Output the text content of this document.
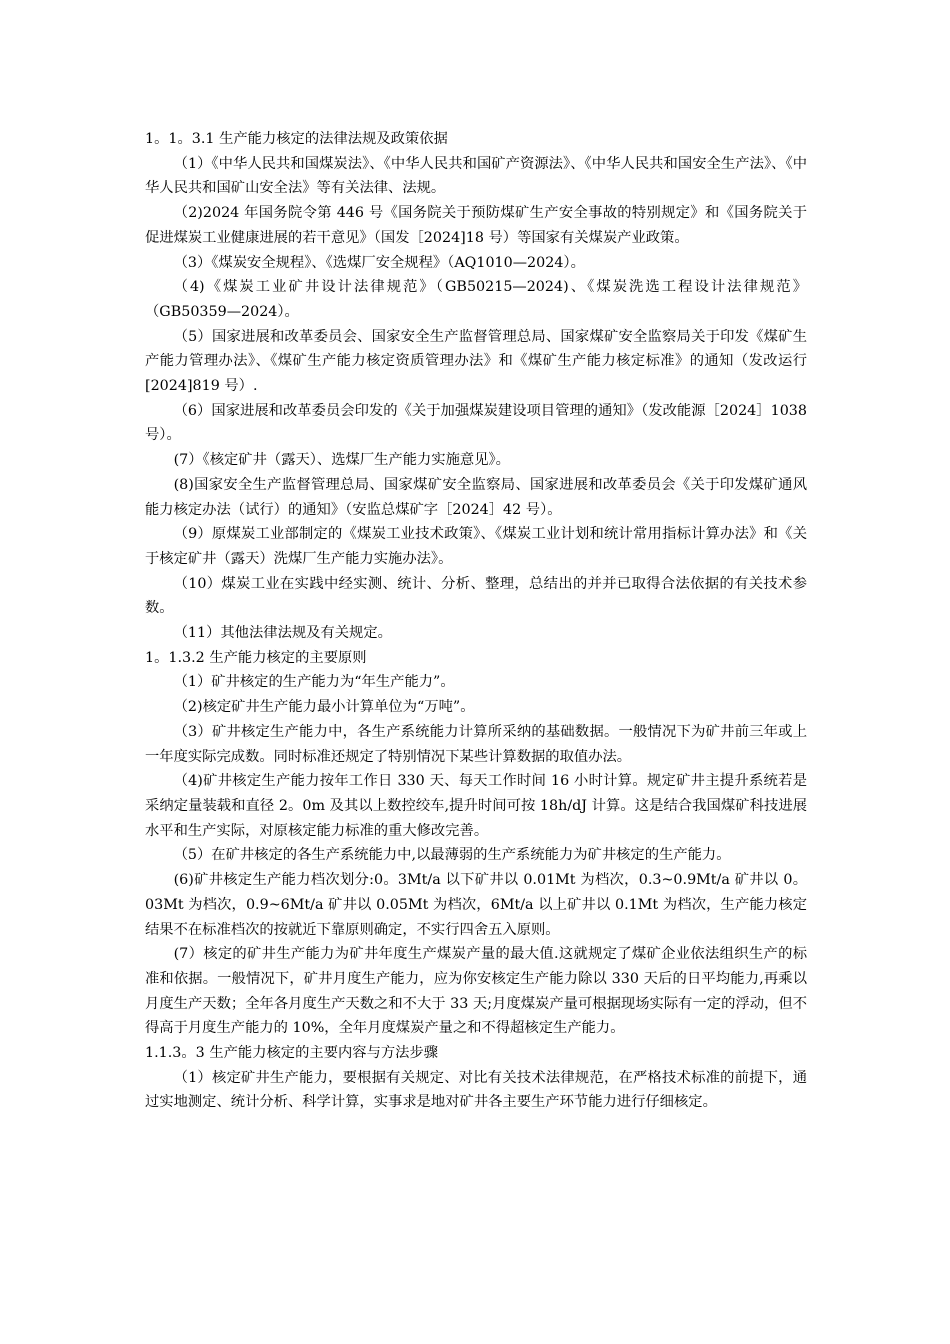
1。1。3.1 生产能力核定的法律法规及政策依据

（1）《中华人民共和国煤炭法》、《中华人民共和国矿产资源法》、《中华人民共和国安全生产法》、《中华人民共和国矿山安全法》等有关法律、法规。

（2)2024 年国务院令第 446 号《国务院关于预防煤矿生产安全事故的特别规定》和《国务院关于促进煤炭工业健康进展的若干意见》（国发［2024]18 号）等国家有关煤炭产业政策。

（3）《煤炭安全规程》、《选煤厂安全规程》（AQ1010—2024）。

（4)《煤炭工业矿井设计法律规范》（GB50215—2024)、《煤炭洗选工程设计法律规范》（GB50359—2024）。

（5）国家进展和改革委员会、国家安全生产监督管理总局、国家煤矿安全监察局关于印发《煤矿生产能力管理办法》、《煤矿生产能力核定资质管理办法》和《煤矿生产能力核定标准》的通知（发改运行[2024]819 号）.

（6）国家进展和改革委员会印发的《关于加强煤炭建设项目管理的通知》（发改能源［2024］1038 号）。

(7）《核定矿井（露天）、选煤厂生产能力实施意见》。

(8)国家安全生产监督管理总局、国家煤矿安全监察局、国家进展和改革委员会《关于印发煤矿通风能力核定办法（试行）的通知》（安监总煤矿字［2024］42 号）。

（9）原煤炭工业部制定的《煤炭工业技术政策》、《煤炭工业计划和统计常用指标计算办法》和《关于核定矿井（露天）洗煤厂生产能力实施办法》。

（10）煤炭工业在实践中经实测、统计、分析、整理，总结出的并并已取得合法依据的有关技术参数。

（11）其他法律法规及有关规定。

1。1.3.2 生产能力核定的主要原则

（1）矿井核定的生产能力为“年生产能力”。

（2)核定矿井生产能力最小计算单位为“万吨”。

（3）矿井核定生产能力中，各生产系统能力计算所采纳的基础数据。一般情况下为矿井前三年或上一年度实际完成数。同时标准还规定了特别情况下某些计算数据的取值办法。

（4)矿井核定生产能力按年工作日 330 天、每天工作时间 16 小时计算。规定矿井主提升系统若是采纳定量装载和直径 2。0m 及其以上数控绞车,提升时间可按 18h/dJ 计算。这是结合我国煤矿科技进展水平和生产实际，对原核定能力标准的重大修改完善。

（5）在矿井核定的各生产系统能力中,以最薄弱的生产系统能力为矿井核定的生产能力。

(6)矿井核定生产能力档次划分:0。3Mt/a 以下矿井以 0.01Mt 为档次，0.3~0.9Mt/a 矿井以 0。03Mt 为档次，0.9~6Mt/a 矿井以 0.05Mt 为档次，6Mt/a 以上矿井以 0.1Mt 为档次，生产能力核定结果不在标准档次的按就近下靠原则确定，不实行四舍五入原则。

(7）核定的矿井生产能力为矿井年度生产煤炭产量的最大值.这就规定了煤矿企业依法组织生产的标准和依据。一般情况下，矿井月度生产能力，应为你安核定生产能力除以 330 天后的日平均能力,再乘以月度生产天数；全年各月度生产天数之和不大于 33 天;月度煤炭产量可根据现场实际有一定的浮动，但不得高于月度生产能力的 10%，全年月度煤炭产量之和不得超核定生产能力。

1.1.3。3 生产能力核定的主要内容与方法步骤

（1）核定矿井生产能力，要根据有关规定、对比有关技术法律规范，在严格技术标准的前提下，通过实地测定、统计分析、科学计算，实事求是地对矿井各主要生产环节能力进行仔细核定。
